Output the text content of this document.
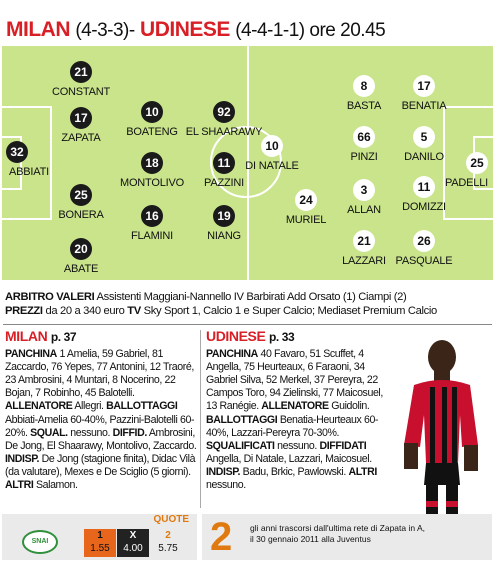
MILAN (4-3-3)- UDINESE (4-4-1-1) ore 20.45
21
CONSTANT
17
ZAPATA
32
ABBIATI
25
BONERA
20
ABATE
10
BOATENG
18
MONTOLIVO
16
FLAMINI
92
EL SHAARAWY
11
PAZZINI
19
NIANG
10
DI NATALE
24
MURIEL
8
BASTA
66
PINZI
3
ALLAN
21
LAZZARI
17
BENATIA
5
DANILO
11
DOMIZZI
26
PASQUALE
25
PADELLI
ARBITRO VALERI Assistenti Maggiani-Nannello IV Barbirati Add Orsato (1) Ciampi (2)
PREZZI da 20 a 340 euro TV Sky Sport 1, Calcio 1 e Super Calcio; Mediaset Premium Calcio
MILAN p. 37
PANCHINA 1 Amelia, 59 Gabriel, 81 Zaccardo, 76 Yepes, 77 Antonini, 12 Traoré, 23 Ambrosini, 4 Muntari, 8 Nocerino, 22 Bojan, 7 Robinho, 45 Balotelli. ALLENATORE Allegri. BALLOTTAGGI Abbiati-Amelia 60-40%, Pazzini-Balotelli 60-20%. SQUAL. nessuno. DIFFID. Ambrosini, De Jong, El Shaarawy, Montolivo, Zaccardo. INDISP. De Jong (stagione finita), Didac Vilà (da valutare), Mexes e De Sciglio (5 giorni). ALTRI Salamon.
UDINESE p. 33
PANCHINA 40 Favaro, 51 Scuffet, 4 Angella, 75 Heurteaux, 6 Faraoni, 34 Gabriel Silva, 52 Merkel, 37 Pereyra, 22 Campos Toro, 94 Zielinski, 77 Maicosuel, 13 Ranégie. ALLENATORE Guidolin. BALLOTTAGGI Benatia-Heurteaux 60-40%, Lazzari-Pereyra 70-30%. SQUALIFICATI nessuno. DIFFIDATI Angella, Di Natale, Lazzari, Maicosuel. INDISP. Badu, Brkic, Pawlowski. ALTRI nessuno.
QUOTE
SNAI
1
1.55
X
4.00
2
5.75 2 gli anni trascorsi dall'ultima rete di Zapata in A, il 30 gennaio 2011 alla Juventus
